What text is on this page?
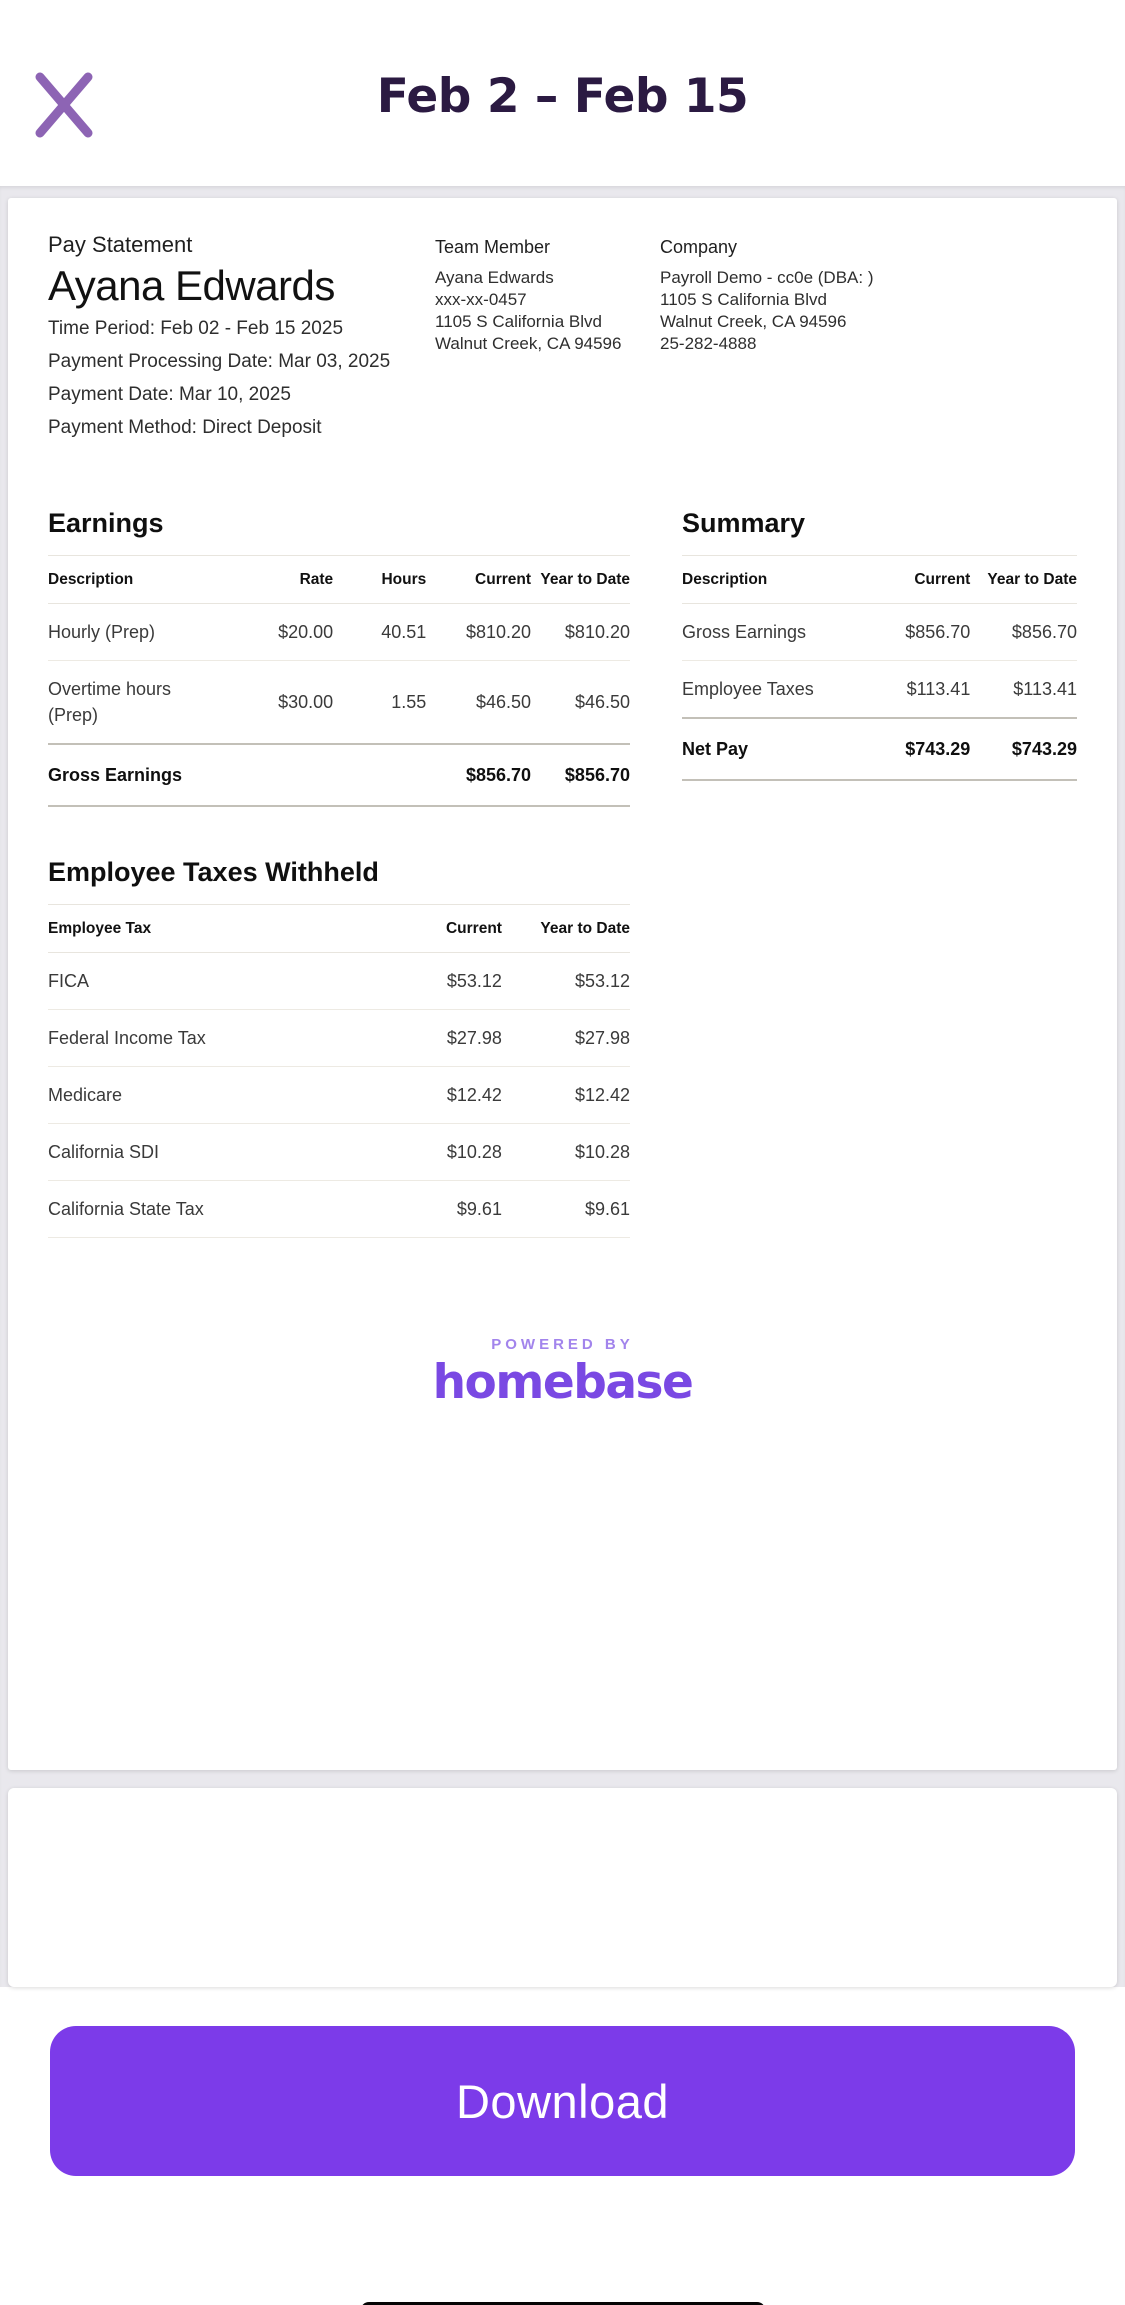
Feb 2 – Feb 15
Pay Statement
Ayana Edwards
Time Period: Feb 02 - Feb 15 2025
Payment Processing Date: Mar 03, 2025
Payment Date: Mar 10, 2025
Payment Method: Direct Deposit
Team Member
Ayana Edwards
xxx-xx-0457
1105 S California Blvd
Walnut Creek, CA 94596
Company
Payroll Demo - cc0e (DBA: )
1105 S California Blvd
Walnut Creek, CA 94596
25-282-4888
Earnings
Description	Rate	Hours	Current	Year to Date
Hourly (Prep)	$20.00	40.51	$810.20	$810.20
Overtime hours (Prep)	$30.00	1.55	$46.50	$46.50
Gross Earnings			$856.70	$856.70
Employee Taxes Withheld
Employee Tax	Current	Year to Date
FICA	$53.12	$53.12
Federal Income Tax	$27.98	$27.98
Medicare	$12.42	$12.42
California SDI	$10.28	$10.28
California State Tax	$9.61	$9.61
Summary
Description	Current	Year to Date
Gross Earnings	$856.70	$856.70
Employee Taxes	$113.41	$113.41
Net Pay	$743.29	$743.29
POWERED BY
homebase
Download
